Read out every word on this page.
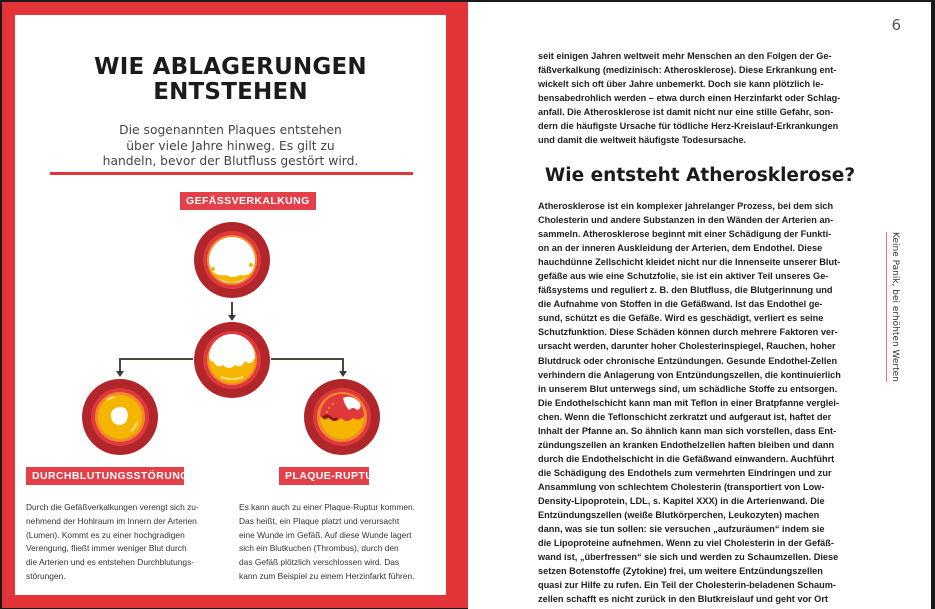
WIE ABLAGERUNGEN
ENTSTEHEN
Die sogenannten Plaques entstehen
über viele Jahre hinweg. Es gilt zu
handeln, bevor der Blutfluss gestört wird.
GEFÄSSVERKALKUNG
DURCHBLUTUNGSSTÖRUNGEN	PLAQUE-RUPTUR
Durch die Gefäßverkalkungen verengt sich zu-
nehmend der Hohlraum im Innern der Arterien
(Lumen). Kommt es zu einer hochgradigen
Verengung, fließt immer weniger Blut durch
die Arterien und es entstehen Durchblutungs-
störungen.
Es kann auch zu einer Plaque-Ruptur kommen.
Das heißt, ein Plaque platzt und verursacht
eine Wunde im Gefäß. Auf diese Wunde lagert
sich ein Blutkuchen (Thrombus), durch den
das Gefäß plötzlich verschlossen wird. Das
kann zum Beispiel zu einem Herzinfarkt führen.
6
seit einigen Jahren weltweit mehr Menschen an den Folgen der Ge-
fäßverkalkung (medizinisch: Atherosklerose). Diese Erkrankung ent-
wickelt sich oft über Jahre unbemerkt. Doch sie kann plötzlich le-
bensabedrohlich werden – etwa durch einen Herzinfarkt oder Schlag-
anfall. Die Atherosklerose ist damit nicht nur eine stille Gefahr, son-
dern die häufigste Ursache für tödliche Herz-Kreislauf-Erkrankungen
und damit die weltweit häufigste Todesursache.
Wie entsteht Atherosklerose?
Atherosklerose ist ein komplexer jahrelanger Prozess, bei dem sich
Cholesterin und andere Substanzen in den Wänden der Arterien an-
sammeln. Atherosklerose beginnt mit einer Schädigung der Funkti-
on an der inneren Auskleidung der Arterien, dem Endothel. Diese
hauchdünne Zellschicht kleidet nicht nur die Innenseite unserer Blut-
gefäße aus wie eine Schutzfolie, sie ist ein aktiver Teil unseres Ge-
fäßsystems und reguliert z. B. den Blutfluss, die Blutgerinnung und
die Aufnahme von Stoffen in die Gefäßwand. Ist das Endothel ge-
sund, schützt es die Gefäße. Wird es geschädigt, verliert es seine
Schutzfunktion. Diese Schäden können durch mehrere Faktoren ver-
ursacht werden, darunter hoher Cholesterinspiegel, Rauchen, hoher
Blutdruck oder chronische Entzündungen. Gesunde Endothel-Zellen
verhindern die Anlagerung von Entzündungszellen, die kontinuierlich
in unserem Blut unterwegs sind, um schädliche Stoffe zu entsorgen.
Die Endothelschicht kann man mit Teflon in einer Bratpfanne verglei-
chen. Wenn die Teflonschicht zerkratzt und aufgeraut ist, haftet der
Inhalt der Pfanne an. So ähnlich kann man sich vorstellen, dass Ent-
zündungszellen an kranken Endothelzellen haften bleiben und dann
durch die Endothelschicht in die Gefäßwand einwandern. Auchführt
die Schädigung des Endothels zum vermehrten Eindringen und zur
Ansammlung von schlechtem Cholesterin (transportiert von Low-
Density-Lipoprotein, LDL, s. Kapitel XXX) in die Arterienwand. Die
Entzündungszellen (weiße Blutkörperchen, Leukozyten) machen
dann, was sie tun sollen: sie versuchen „aufzuräumen“ indem sie
die Lipoproteine aufnehmen. Wenn zu viel Cholesterin in der Gefäß-
wand ist, „überfressen“ sie sich und werden zu Schaumzellen. Diese
setzen Botenstoffe (Zytokine) frei, um weitere Entzündungszellen
quasi zur Hilfe zu rufen. Ein Teil der Cholesterin-beladenen Schaum-
zellen schafft es nicht zurück in den Blutkreislauf und geht vor Ort
Keine Panik, bei erhöhten Werten
